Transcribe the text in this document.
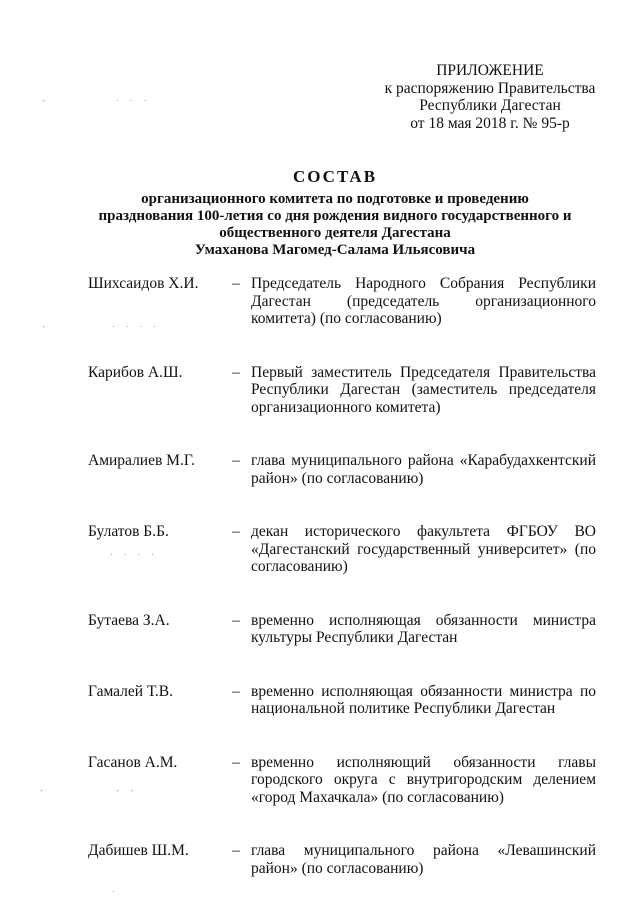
ПРИЛОЖЕНИЕ
к распоряжению Правительства
Республики Дагестан
от 18 мая 2018 г. № 95-р
СОСТАВ
организационного комитета по подготовке и проведению
празднования 100-летия со дня рождения видного государственного и
общественного деятеля Дагестана
Умаханова Магомед-Салама Ильясовича
Шихсаидов Х.И. – Председатель Народного Собрания Республики Дагестан (председатель организационного комитета) (по согласованию)
Карибов А.Ш.	– Первый заместитель Председателя Правительства Республики Дагестан (заместитель председателя организационного комитета)
Амиралиев М.Г. – глава муниципального района «Карабудахкентский район» (по согласованию)
Булатов Б.Б.	– декан исторического факультета ФГБОУ ВО «Дагестанский государственный университет» (по согласованию)
Бутаева З.А.	– временно исполняющая обязанности министра культуры Республики Дагестан
Гамалей Т.В.	– временно исполняющая обязанности министра по национальной политике Республики Дагестан
Гасанов А.М.	– временно исполняющий обязанности главы городского округа с внутригородским делением «город Махачкала» (по согласованию)
Дабишев Ш.М.	– глава муниципального района «Левашинский район» (по согласованию)
-	. . .
-	. . . .
. . . .
-	- -
.
